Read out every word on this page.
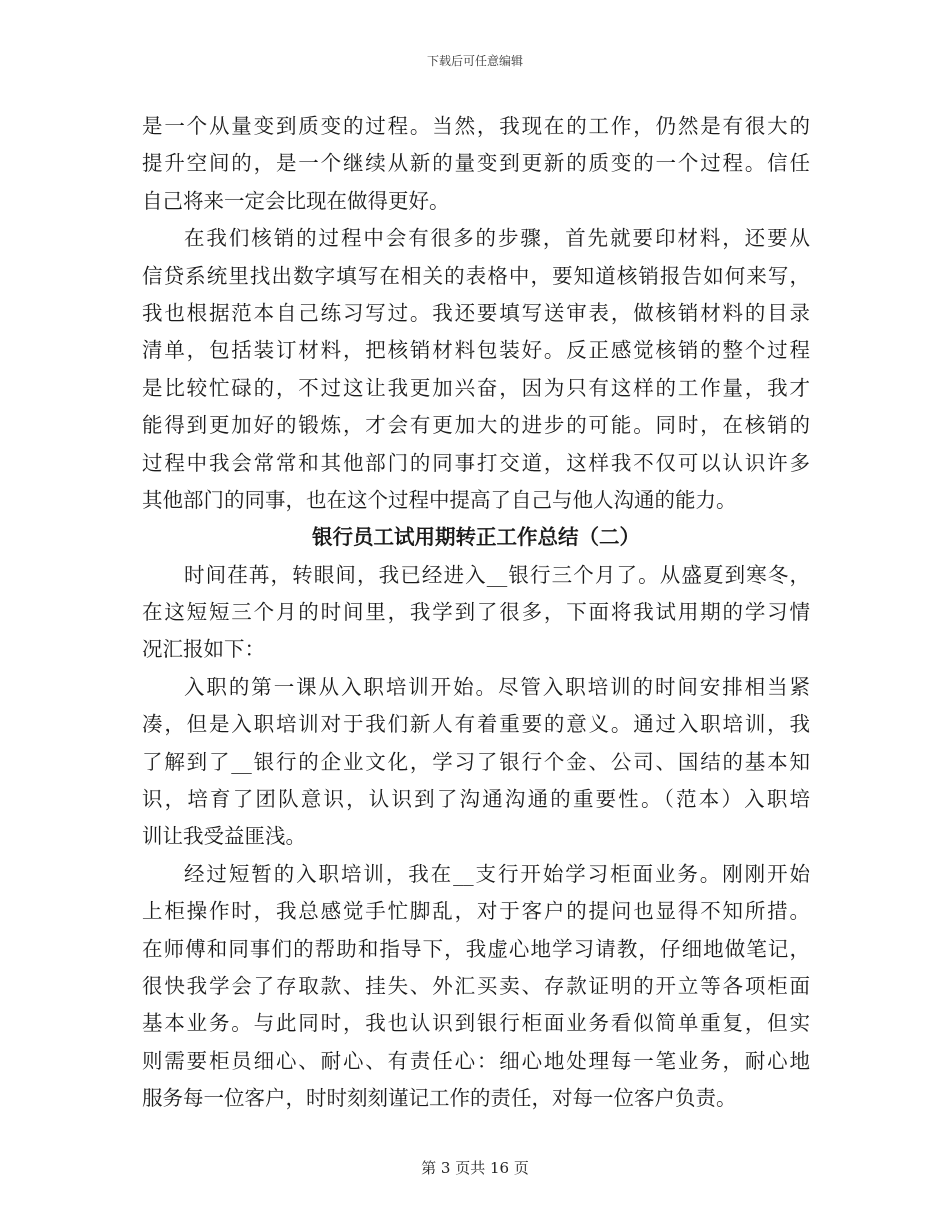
下载后可任意编辑
是一个从量变到质变的过程。当然，我现在的工作，仍然是有很大的
提升空间的，是一个继续从新的量变到更新的质变的一个过程。信任
自己将来一定会比现在做得更好。
在我们核销的过程中会有很多的步骤，首先就要印材料，还要从
信贷系统里找出数字填写在相关的表格中，要知道核销报告如何来写，
我也根据范本自己练习写过。我还要填写送审表，做核销材料的目录
清单，包括装订材料，把核销材料包装好。反正感觉核销的整个过程
是比较忙碌的，不过这让我更加兴奋，因为只有这样的工作量，我才
能得到更加好的锻炼，才会有更加大的进步的可能。同时，在核销的
过程中我会常常和其他部门的同事打交道，这样我不仅可以认识许多
其他部门的同事，也在这个过程中提高了自己与他人沟通的能力。
银行员工试用期转正工作总结（二）
时间荏苒，转眼间，我已经进入__银行三个月了。从盛夏到寒冬，
在这短短三个月的时间里，我学到了很多，下面将我试用期的学习情
况汇报如下：
入职的第一课从入职培训开始。尽管入职培训的时间安排相当紧
凑，但是入职培训对于我们新人有着重要的意义。通过入职培训，我
了解到了__银行的企业文化，学习了银行个金、公司、国结的基本知
识，培育了团队意识，认识到了沟通沟通的重要性。（范本）入职培
训让我受益匪浅。
经过短暂的入职培训，我在__支行开始学习柜面业务。刚刚开始
上柜操作时，我总感觉手忙脚乱，对于客户的提问也显得不知所措。
在师傅和同事们的帮助和指导下，我虚心地学习请教，仔细地做笔记，
很快我学会了存取款、挂失、外汇买卖、存款证明的开立等各项柜面
基本业务。与此同时，我也认识到银行柜面业务看似简单重复，但实
则需要柜员细心、耐心、有责任心：细心地处理每一笔业务，耐心地
服务每一位客户，时时刻刻谨记工作的责任，对每一位客户负责。
第 3 页共 16 页
